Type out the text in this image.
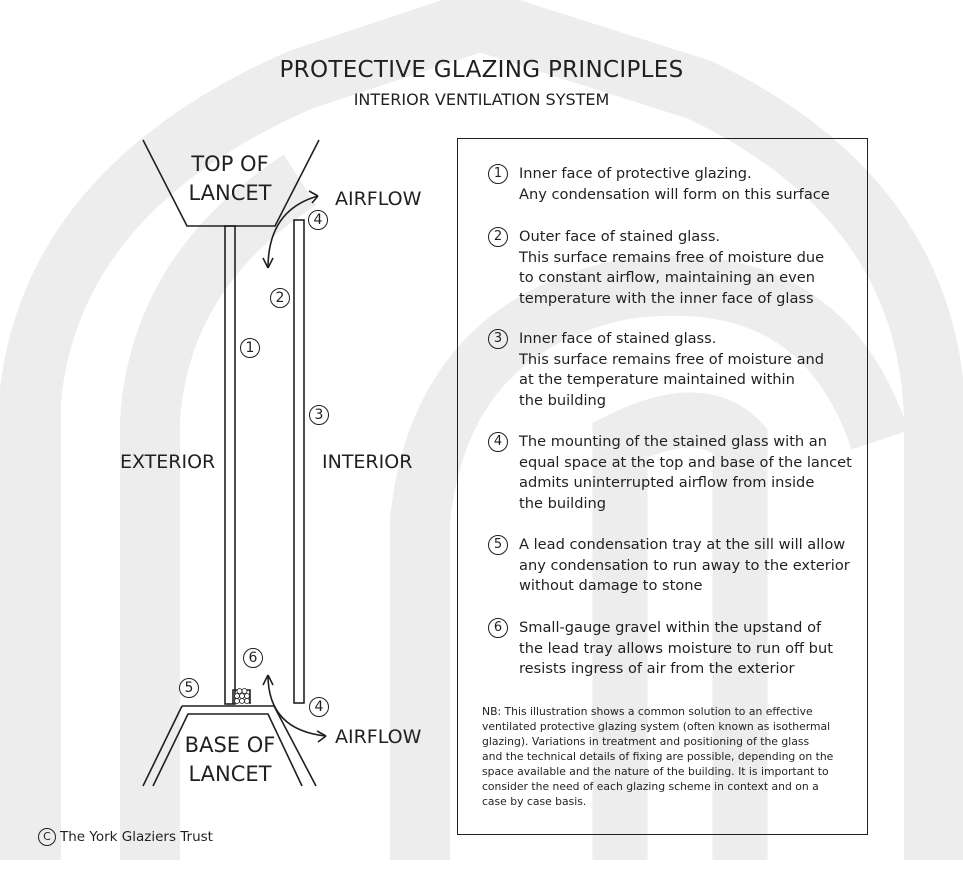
PROTECTIVE GLAZING PRINCIPLES
INTERIOR VENTILATION SYSTEM
TOP OF
LANCET
BASE OF
LANCET
EXTERIOR	INTERIOR
AIRFLOW
AIRFLOW
4
2
1
3
6
5
4
1	Inner face of protective glazing.
Any condensation will form on this surface
2	Outer face of stained glass.
This surface remains free of moisture due
to constant airflow, maintaining an even
temperature with the inner face of glass
3	Inner face of stained glass.
This surface remains free of moisture and
at the temperature maintained within
the building
4	The mounting of the stained glass with an
equal space at the top and base of the lancet
admits uninterrupted airflow from inside
the building
5	A lead condensation tray at the sill will allow
any condensation to run away to the exterior
without damage to stone
6	Small-gauge gravel within the upstand of
the lead tray allows moisture to run off but
resists ingress of air from the exterior
NB: This illustration shows a common solution to an effective
ventilated protective glazing system (often known as isothermal
glazing). Variations in treatment and positioning of the glass
and the technical details of fixing are possible, depending on the
space available and the nature of the building. It is important to
consider the need of each glazing scheme in context and on a
case by case basis.
C The York Glaziers Trust
